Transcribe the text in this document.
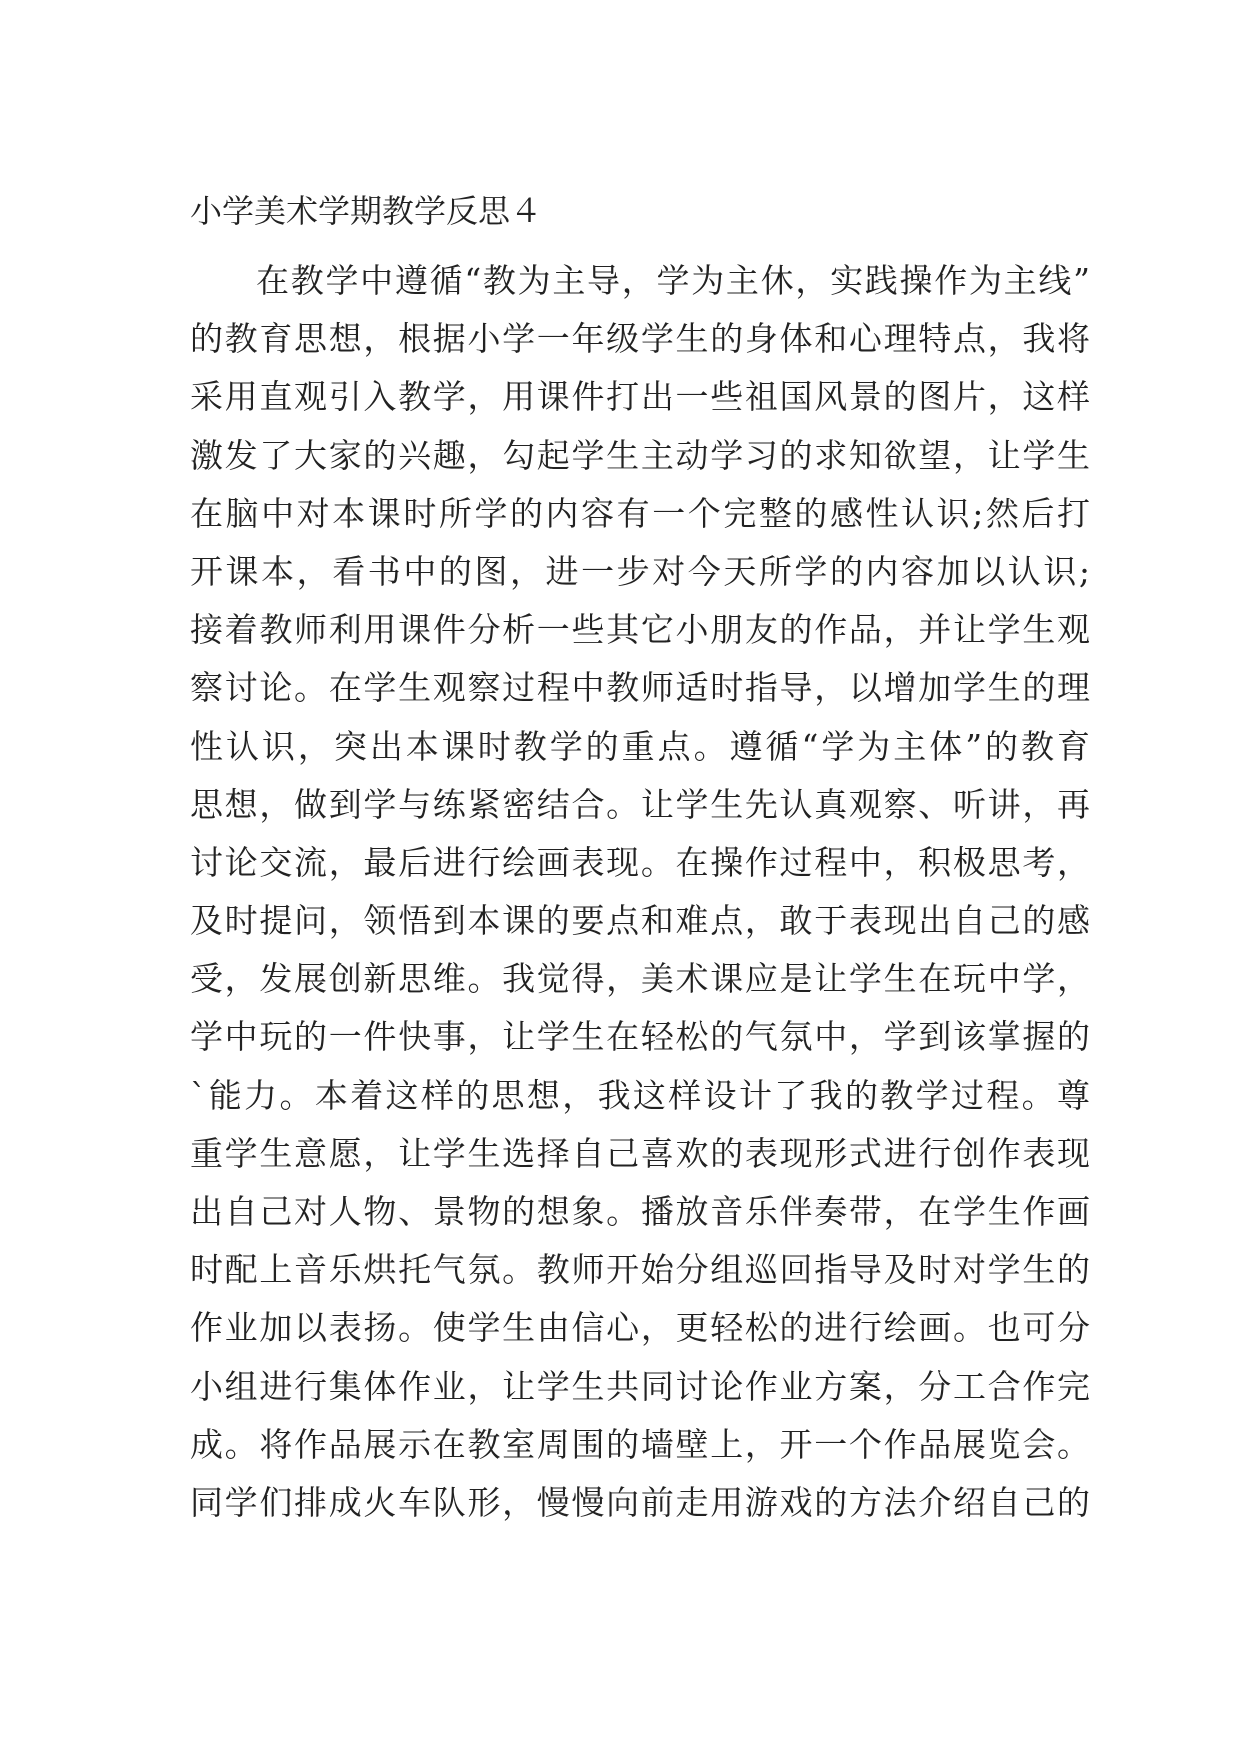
小学美术学期教学反思４
在教学中遵循“教为主导，学为主休，实践操作为主线”
的教育思想，根据小学一年级学生的身体和心理特点，我将
采用直观引入教学，用课件打出一些祖国风景的图片，这样
激发了大家的兴趣，勾起学生主动学习的求知欲望，让学生
在脑中对本课时所学的内容有一个完整的感性认识;然后打
开课本，看书中的图，进一步对今天所学的内容加以认识;
接着教师利用课件分析一些其它小朋友的作品，并让学生观
察讨论。在学生观察过程中教师适时指导，以增加学生的理
性认识，突出本课时教学的重点。遵循“学为主体”的教育
思想，做到学与练紧密结合。让学生先认真观察、听讲，再
讨论交流，最后进行绘画表现。在操作过程中，积极思考，
及时提问，领悟到本课的要点和难点，敢于表现出自己的感
受，发展创新思维。我觉得，美术课应是让学生在玩中学，
学中玩的一件快事，让学生在轻松的气氛中，学到该掌握的
`能力。本着这样的思想，我这样设计了我的教学过程。尊
重学生意愿，让学生选择自己喜欢的表现形式进行创作表现
出自己对人物、景物的想象。播放音乐伴奏带，在学生作画
时配上音乐烘托气氛。教师开始分组巡回指导及时对学生的
作业加以表扬。使学生由信心，更轻松的进行绘画。也可分
小组进行集体作业，让学生共同讨论作业方案，分工合作完
成。将作品展示在教室周围的墙壁上，开一个作品展览会。
同学们排成火车队形，慢慢向前走用游戏的方法介绍自己的
